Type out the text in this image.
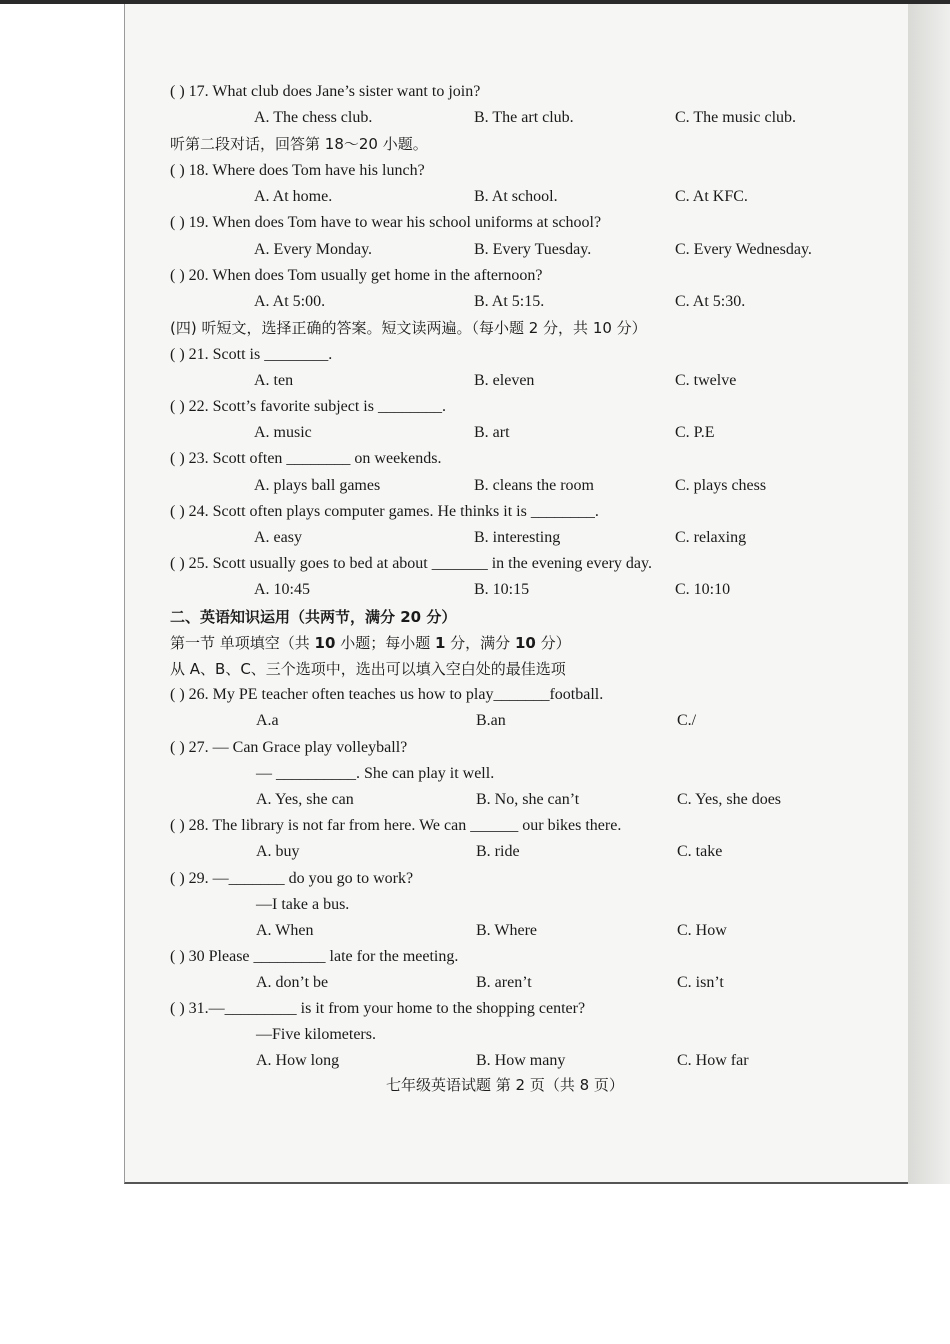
( ) 17. What club does Jane’s sister want to join?

A. The chess club.	B. The art club.	C. The music club.

听第二段对话，回答第 18～20 小题。

( ) 18. Where does Tom have his lunch?

A. At home.	B. At school.	C. At KFC.

( ) 19. When does Tom have to wear his school uniforms at school?

A. Every Monday.	B. Every Tuesday.	C. Every Wednesday.

( ) 20. When does Tom usually get home in the afternoon?

A. At 5:00.	B. At 5:15.	C. At 5:30.

(四) 听短文，选择正确的答案。短文读两遍。（每小题 2 分，共 10 分）

( ) 21. Scott is ________.

A. ten	B. eleven	C. twelve

( ) 22. Scott’s favorite subject is ________.

A. music	B. art	C. P.E

( ) 23. Scott often ________ on weekends.

A. plays ball games	B. cleans the room	C. plays chess

( ) 24. Scott often plays computer games. He thinks it is ________.

A. easy	B. interesting	C. relaxing

( ) 25. Scott usually goes to bed at about _______ in the evening every day.

A. 10:45	B. 10:15	C. 10:10

二、英语知识运用（共两节，满分 20 分）

第一节 单项填空（共 10 小题；每小题 1 分，满分 10 分）

从 A、B、C、三个选项中，选出可以填入空白处的最佳选项

( ) 26. My PE teacher often teaches us how to play_______football.

A.a	B.an	C./

( ) 27. — Can Grace play volleyball?

— __________. She can play it well.
A. Yes, she can	B. No, she can’t	C. Yes, she does

( ) 28. The library is not far from here. We can ______ our bikes there.

A. buy	B. ride	C. take

( ) 29. —_______ do you go to work?

—I take a bus.
A. When	B. Where	C. How

( ) 30 Please _________ late for the meeting.

A. don’t be	B. aren’t	C. isn’t

( ) 31.—_________ is it from your home to the shopping center?

—Five kilometers.
A. How long	B. How many	C. How far
七年级英语试题 第 2 页（共 8 页）
